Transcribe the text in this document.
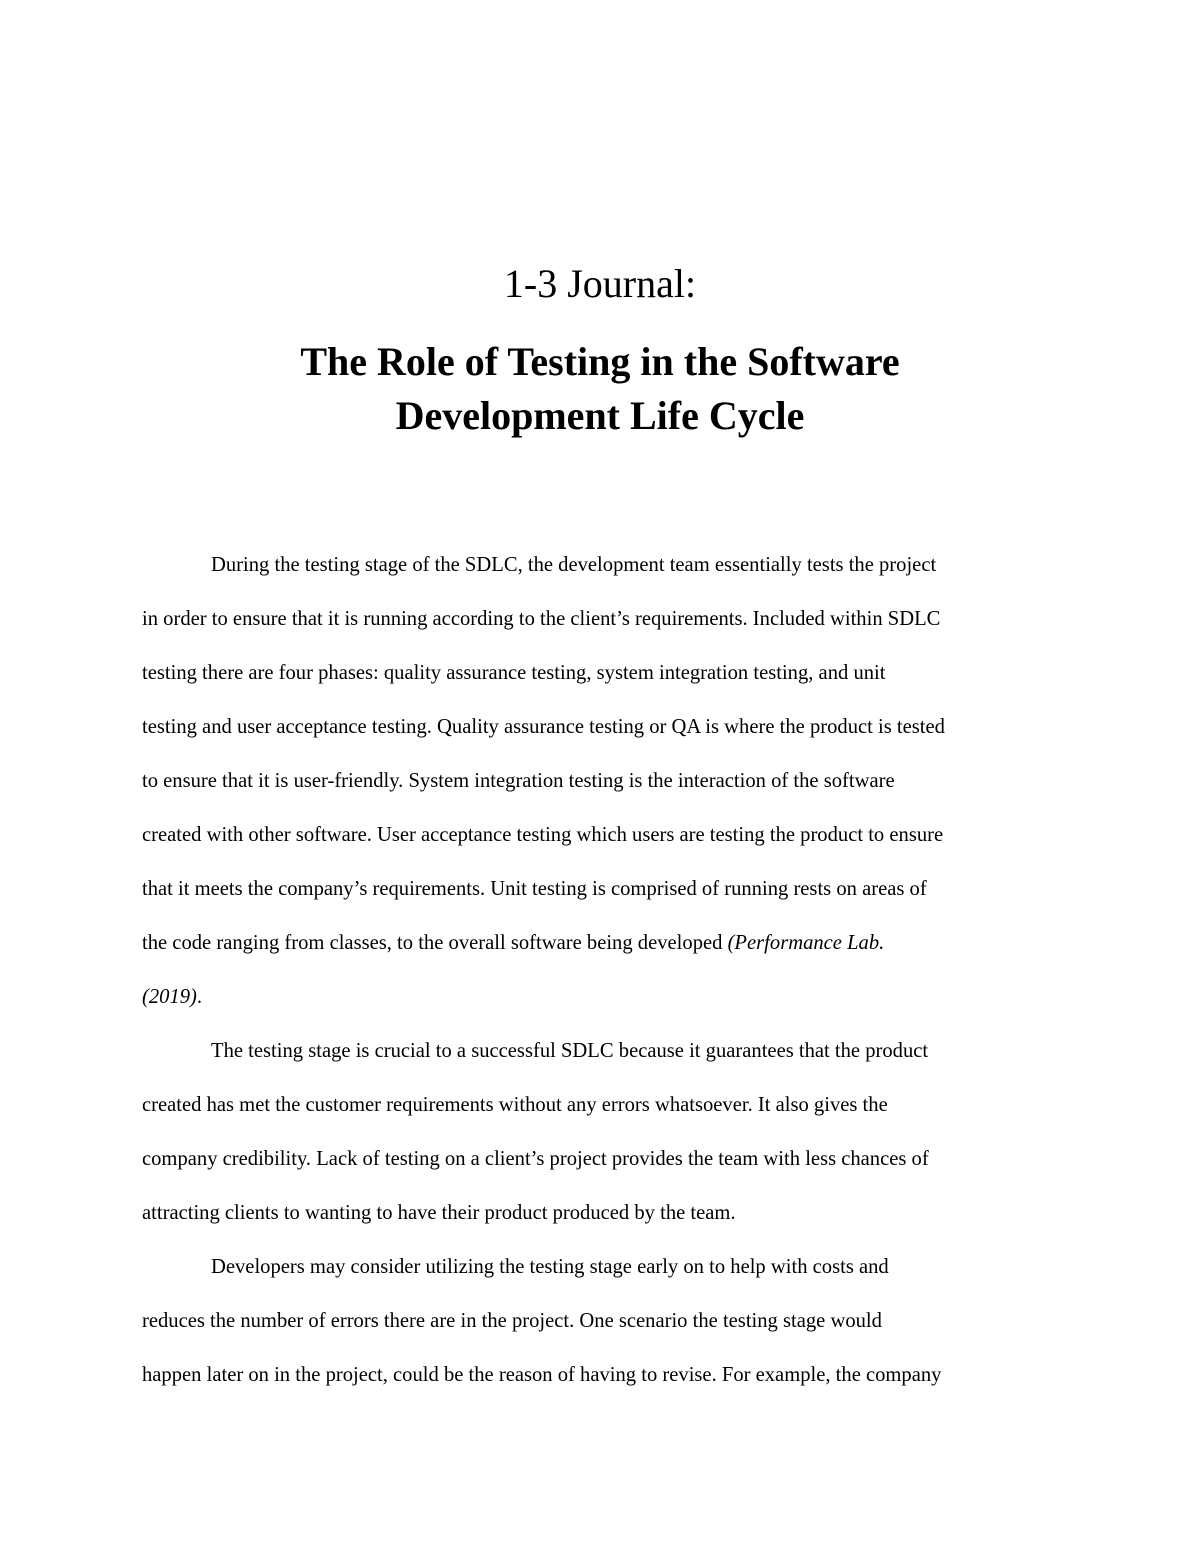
1-3 Journal:
The Role of Testing in the Software
Development Life Cycle
During the testing stage of the SDLC, the development team essentially tests the project
in order to ensure that it is running according to the client’s requirements. Included within SDLC
testing there are four phases: quality assurance testing, system integration testing, and unit
testing and user acceptance testing. Quality assurance testing or QA is where the product is tested
to ensure that it is user-friendly. System integration testing is the interaction of the software
created with other software. User acceptance testing which users are testing the product to ensure
that it meets the company’s requirements. Unit testing is comprised of running rests on areas of
the code ranging from classes, to the overall software being developed (Performance Lab.
(2019).
The testing stage is crucial to a successful SDLC because it guarantees that the product
created has met the customer requirements without any errors whatsoever. It also gives the
company credibility. Lack of testing on a client’s project provides the team with less chances of
attracting clients to wanting to have their product produced by the team.
Developers may consider utilizing the testing stage early on to help with costs and
reduces the number of errors there are in the project. One scenario the testing stage would
happen later on in the project, could be the reason of having to revise. For example, the company
